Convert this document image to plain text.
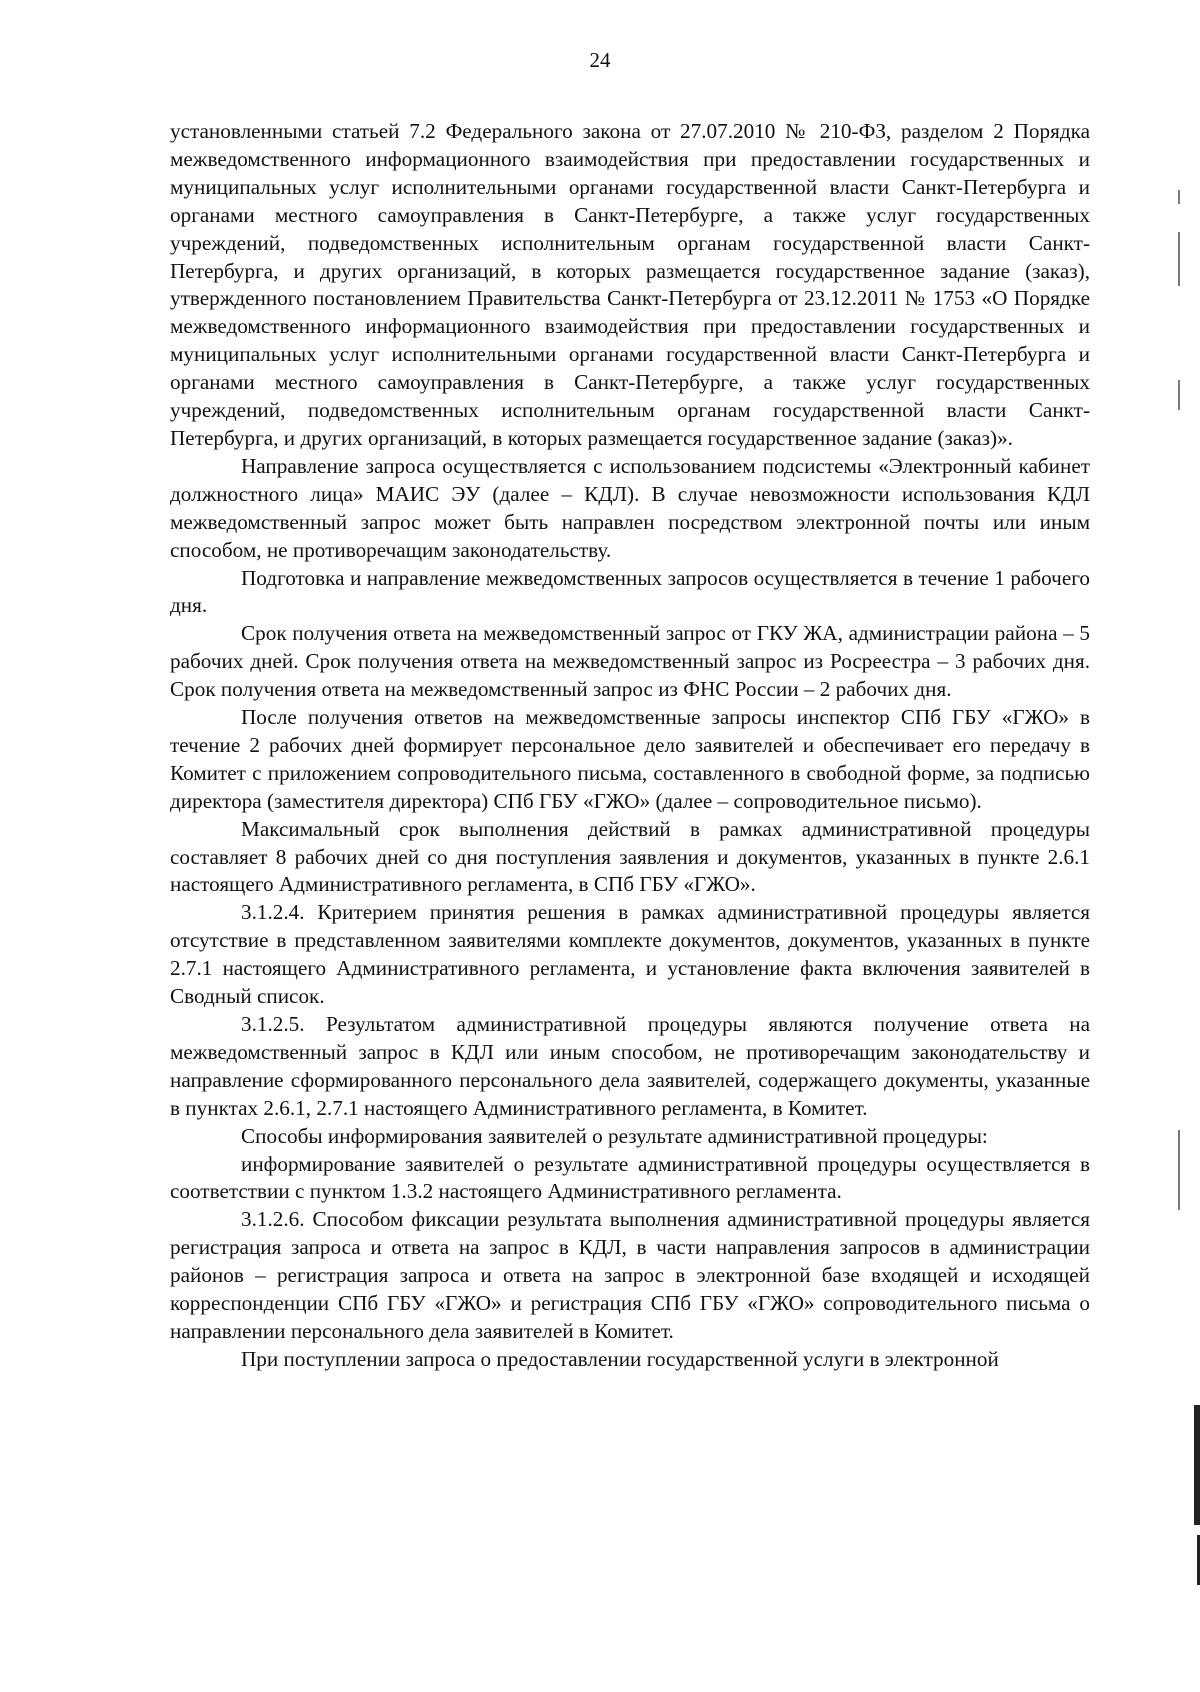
24

установленными статьей 7.2 Федерального закона от 27.07.2010 № 210-ФЗ, разделом 2 Порядка межведомственного информационного взаимодействия при предоставлении государственных и муниципальных услуг исполнительными органами государственной власти Санкт-Петербурга и органами местного самоуправления в Санкт-Петербурге, а также услуг государственных учреждений, подведомственных исполнительным органам государственной власти Санкт-Петербурга, и других организаций, в которых размещается государственное задание (заказ), утвержденного постановлением Правительства Санкт-Петербурга от 23.12.2011 № 1753 «О Порядке межведомственного информационного взаимодействия при предоставлении государственных и муниципальных услуг исполнительными органами государственной власти Санкт-Петербурга и органами местного самоуправления в Санкт-Петербурге, а также услуг государственных учреждений, подведомственных исполнительным органам государственной власти Санкт-Петербурга, и других организаций, в которых размещается государственное задание (заказ)».

Направление запроса осуществляется с использованием подсистемы «Электронный кабинет должностного лица» МАИС ЭУ (далее – КДЛ). В случае невозможности использования КДЛ межведомственный запрос может быть направлен посредством электронной почты или иным способом, не противоречащим законодательству.

Подготовка и направление межведомственных запросов осуществляется в течение 1 рабочего дня.

Срок получения ответа на межведомственный запрос от ГКУ ЖА, администрации района – 5 рабочих дней. Срок получения ответа на межведомственный запрос из Росреестра – 3 рабочих дня. Срок получения ответа на межведомственный запрос из ФНС России – 2 рабочих дня.

После получения ответов на межведомственные запросы инспектор СПб ГБУ «ГЖО» в течение 2 рабочих дней формирует персональное дело заявителей и обеспечивает его передачу в Комитет с приложением сопроводительного письма, составленного в свободной форме, за подписью директора (заместителя директора) СПб ГБУ «ГЖО» (далее – сопроводительное письмо).

Максимальный срок выполнения действий в рамках административной процедуры составляет 8 рабочих дней со дня поступления заявления и документов, указанных в пункте 2.6.1 настоящего Административного регламента, в СПб ГБУ «ГЖО».

3.1.2.4. Критерием принятия решения в рамках административной процедуры является отсутствие в представленном заявителями комплекте документов, документов, указанных в пункте 2.7.1 настоящего Административного регламента, и установление факта включения заявителей в Сводный список.

3.1.2.5. Результатом административной процедуры являются получение ответа на межведомственный запрос в КДЛ или иным способом, не противоречащим законодательству и направление сформированного персонального дела заявителей, содержащего документы, указанные в пунктах 2.6.1, 2.7.1 настоящего Административного регламента, в Комитет.

Способы информирования заявителей о результате административной процедуры:

информирование заявителей о результате административной процедуры осуществляется в соответствии с пунктом 1.3.2 настоящего Административного регламента.

3.1.2.6. Способом фиксации результата выполнения административной процедуры является регистрация запроса и ответа на запрос в КДЛ, в части направления запросов в администрации районов – регистрация запроса и ответа на запрос в электронной базе входящей и исходящей корреспонденции СПб ГБУ «ГЖО» и регистрация СПб ГБУ «ГЖО» сопроводительного письма о направлении персонального дела заявителей в Комитет.

При поступлении запроса о предоставлении государственной услуги в электронной
